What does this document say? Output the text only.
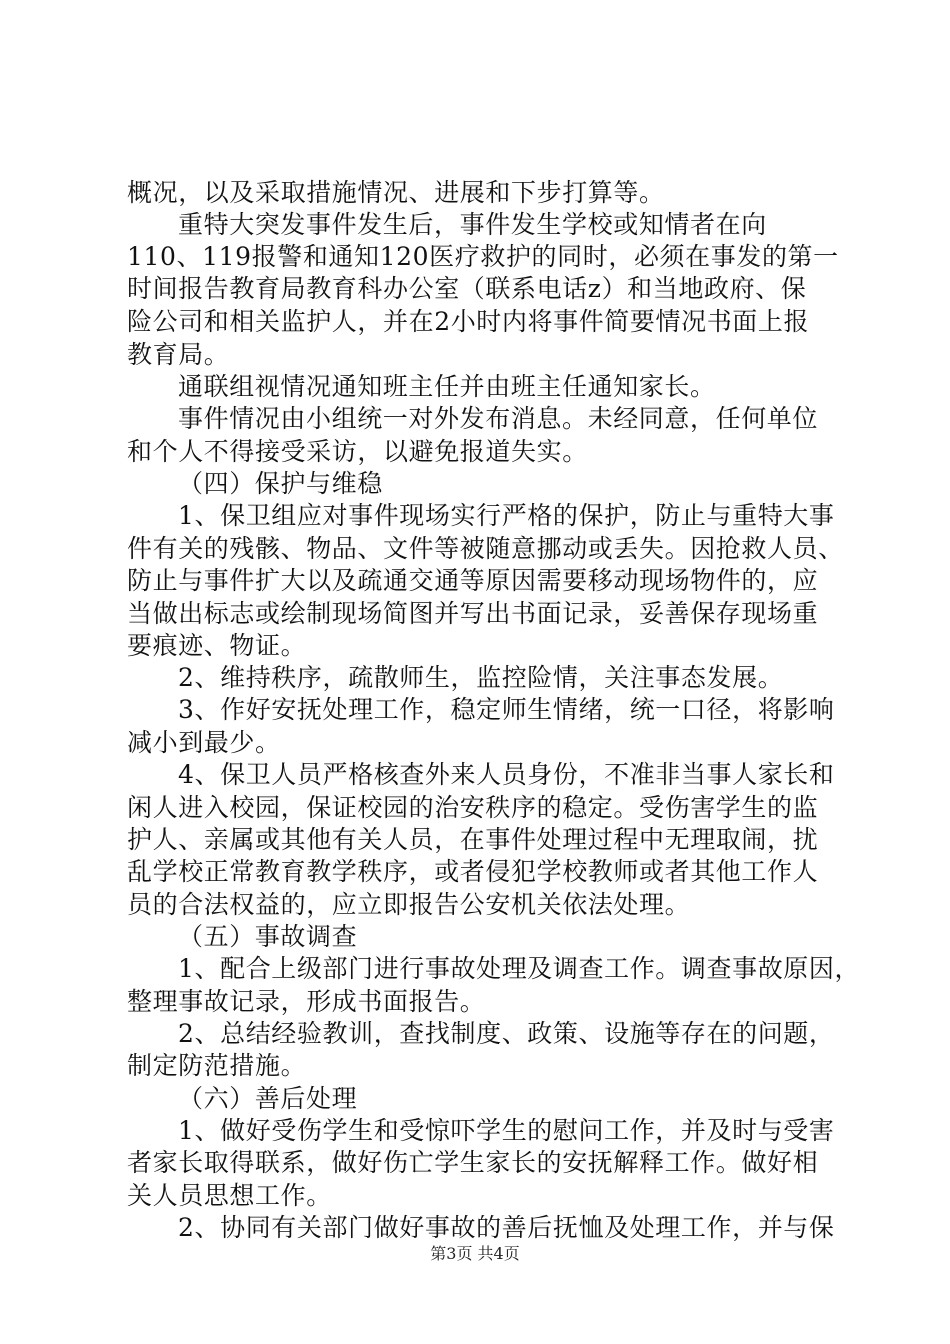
概况，以及采取措施情况、进展和下步打算等。
重特大突发事件发生后，事件发生学校或知情者在向
110、119报警和通知120医疗救护的同时，必须在事发的第一
时间报告教育局教育科办公室（联系电话z）和当地政府、保
险公司和相关监护人，并在2小时内将事件简要情况书面上报
教育局。
通联组视情况通知班主任并由班主任通知家长。
事件情况由小组统一对外发布消息。未经同意，任何单位
和个人不得接受采访，以避免报道失实。
（四）保护与维稳
1、保卫组应对事件现场实行严格的保护，防止与重特大事
件有关的残骸、物品、文件等被随意挪动或丢失。因抢救人员、
防止与事件扩大以及疏通交通等原因需要移动现场物件的，应
当做出标志或绘制现场简图并写出书面记录，妥善保存现场重
要痕迹、物证。
2、维持秩序，疏散师生，监控险情，关注事态发展。
3、作好安抚处理工作，稳定师生情绪，统一口径，将影响
减小到最少。
4、保卫人员严格核查外来人员身份，不准非当事人家长和
闲人进入校园，保证校园的治安秩序的稳定。受伤害学生的监
护人、亲属或其他有关人员，在事件处理过程中无理取闹，扰
乱学校正常教育教学秩序，或者侵犯学校教师或者其他工作人
员的合法权益的，应立即报告公安机关依法处理。
（五）事故调查
1、配合上级部门进行事故处理及调查工作。调查事故原因，
整理事故记录，形成书面报告。
2、总结经验教训，查找制度、政策、设施等存在的问题，
制定防范措施。
（六）善后处理
1、做好受伤学生和受惊吓学生的慰问工作，并及时与受害
者家长取得联系，做好伤亡学生家长的安抚解释工作。做好相
关人员思想工作。
2、协同有关部门做好事故的善后抚恤及处理工作，并与保
第3页 共4页
